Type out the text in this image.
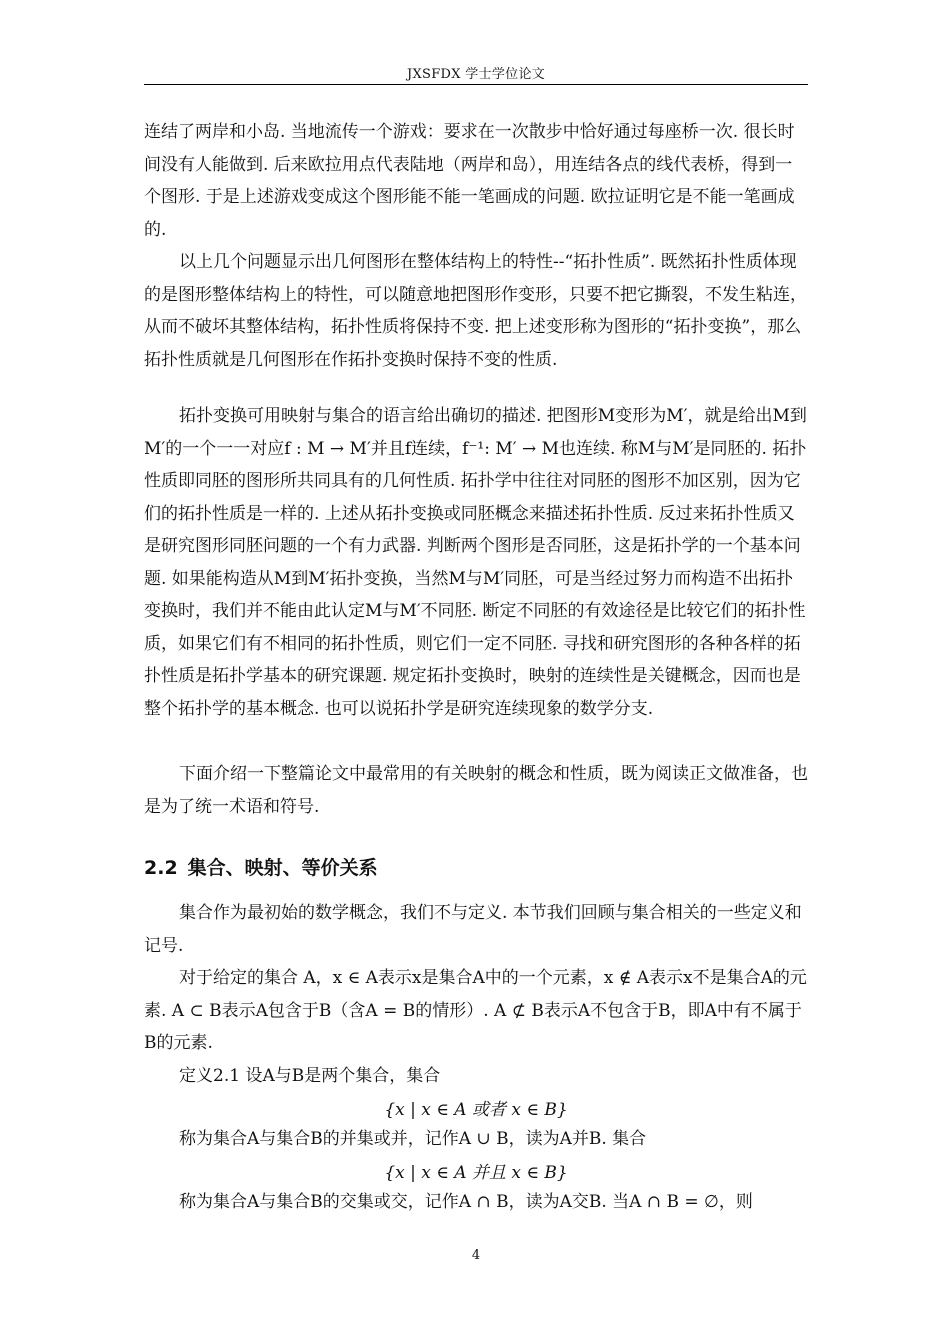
JXSFDX 学士学位论文

连结了两岸和小岛. 当地流传一个游戏：要求在一次散步中恰好通过每座桥一次. 很长时间没有人能做到. 后来欧拉用点代表陆地（两岸和岛），用连结各点的线代表桥，得到一个图形. 于是上述游戏变成这个图形能不能一笔画成的问题. 欧拉证明它是不能一笔画成的.

以上几个问题显示出几何图形在整体结构上的特性--“拓扑性质”. 既然拓扑性质体现的是图形整体结构上的特性，可以随意地把图形作变形，只要不把它撕裂，不发生粘连，从而不破坏其整体结构，拓扑性质将保持不变. 把上述变形称为图形的“拓扑变换”，那么拓扑性质就是几何图形在作拓扑变换时保持不变的性质.

拓扑变换可用映射与集合的语言给出确切的描述. 把图形M变形为M′，就是给出M到M′的一个一一对应f : M → M′并且f连续，f⁻¹: M′ → M也连续. 称M与M′是同胚的. 拓扑性质即同胚的图形所共同具有的几何性质. 拓扑学中往往对同胚的图形不加区别，因为它们的拓扑性质是一样的. 上述从拓扑变换或同胚概念来描述拓扑性质. 反过来拓扑性质又是研究图形同胚问题的一个有力武器. 判断两个图形是否同胚，这是拓扑学的一个基本问题. 如果能构造从M到M′拓扑变换，当然M与M′同胚，可是当经过努力而构造不出拓扑变换时，我们并不能由此认定M与M′不同胚. 断定不同胚的有效途径是比较它们的拓扑性质，如果它们有不相同的拓扑性质，则它们一定不同胚. 寻找和研究图形的各种各样的拓扑性质是拓扑学基本的研究课题. 规定拓扑变换时，映射的连续性是关键概念，因而也是整个拓扑学的基本概念. 也可以说拓扑学是研究连续现象的数学分支.

下面介绍一下整篇论文中最常用的有关映射的概念和性质，既为阅读正文做准备，也是为了统一术语和符号.

2.2 集合、映射、等价关系

集合作为最初始的数学概念，我们不与定义. 本节我们回顾与集合相关的一些定义和记号.

对于给定的集合 A，x ∈ A表示x是集合A中的一个元素，x ∉ A表示x不是集合A的元素. A ⊂ B表示A包含于B（含A = B的情形）. A ⊄ B表示A不包含于B，即A中有不属于B的元素.

定义2.1 设A与B是两个集合，集合

{x | x ∈ A 或者 x ∈ B}

称为集合A与集合B的并集或并，记作A ∪ B，读为A并B. 集合

{x | x ∈ A 并且 x ∈ B}

称为集合A与集合B的交集或交，记作A ∩ B，读为A交B. 当A ∩ B = ∅，则

4
